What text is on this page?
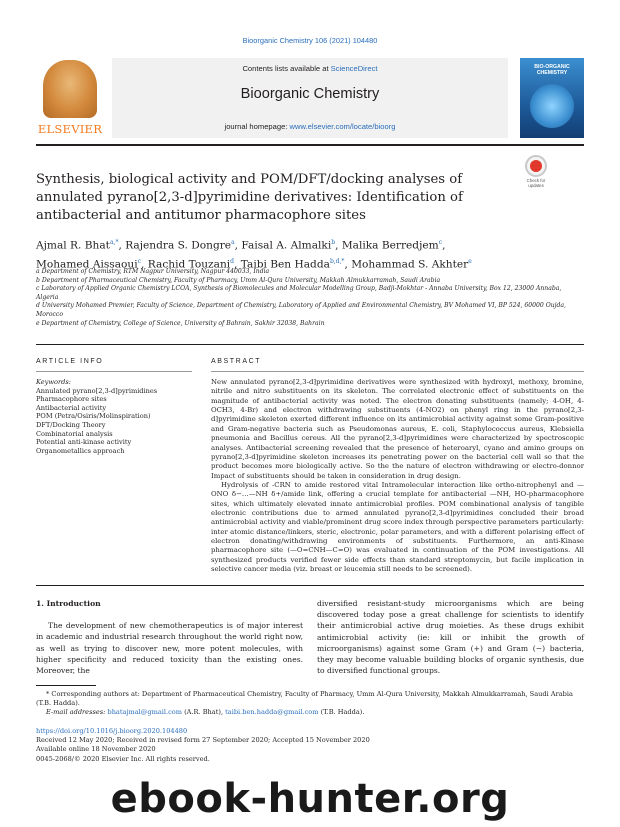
Bioorganic Chemistry 106 (2021) 104480
ELSEVIER
Contents lists available at ScienceDirect
Bioorganic Chemistry
journal homepage: www.elsevier.com/locate/bioorg
BIO-ORGANIC CHEMISTRY
Synthesis, biological activity and POM/DFT/docking analyses of annulated pyrano[2,3-d]pyrimidine derivatives: Identification of antibacterial and antitumor pharmacophore sites
Check for updates
Ajmal R. Bhat$^{a,*}$, Rajendra S. Dongre$^a$, Faisal A. Almalki$^b$, Malika Berredjem$^c$,
Mohamed Aissaoui$^c$, Rachid Touzani$^d$, Taibi Ben Hadda$^{b,d,*}$, Mohammad S. Akhter$^e$
a Department of Chemistry, RTM Nagpur University, Nagpur 440033, India
b Department of Pharmaceutical Chemistry, Faculty of Pharmacy, Umm Al-Qura University, Makkah Almukkarramah, Saudi Arabia
c Laboratory of Applied Organic Chemistry LCOA, Synthesis of Biomolecules and Molecular Modelling Group, Badji-Mokhtar - Annaba University, Box 12, 23000 Annaba, Algeria
d University Mohamed Premier, Faculty of Science, Department of Chemistry, Laboratory of Applied and Environmental Chemistry, BV Mohamed VI, BP 524, 60000 Oujda, Morocco
e Department of Chemistry, College of Science, University of Bahrain, Sakhir 32038, Bahrain
ARTICLE INFO	ABSTRACT
Keywords:
Annulated pyrano[2,3-d]pyrimidines
Pharmacophore sites
Antibacterial activity
POM (Petra/Osiris/Molinspiration)
DFT/Docking Theory
Combinatorial analysis
Potential anti-kinase activity
Organometallics approach

New annulated pyrano[2,3-d]pyrimidine derivatives were synthesized with hydroxyl, methoxy, bromine, nitrile and nitro substituents on its skeleton. The correlated electronic effect of substituents on the magnitude of antibacterial activity was noted. The electron donating substituents (namely; 4-OH, 4-OCH3, 4-Br) and electron withdrawing substituents (4-NO2) on phenyl ring in the pyrano[2,3-d]pyrimidine skeleton exerted different influence on its antimicrobial activity against some Gram-positive and Gram-negative bacteria such as Pseudomonas aureus, E. coli, Staphylococcus aureus, Klebsiella pneumonia and Bacillus cereus. All the pyrano[2,3-d]pyrimidines were characterized by spectroscopic analyses. Antibacterial screening revealed that the presence of heteroaryl, cyano and amino groups on pyrano[2,3-d]pyrimidine skeleton increases its penetrating power on the bacterial cell wall so that the product becomes more biologically active. So the the nature of electron withdrawing or electro-donnor Impact of substituents should be taken in consideration in drug design.

Hydrolysis of -CRN to amide restored vital Intramolecular interaction like ortho-nitrophenyl and —ONO δ−…—NH δ+/amide link, offering a crucial template for antibacterial —NH, HO-pharmacophore sites, which ultimately elevated innate antimicrobial profiles. POM combinational analysis of tangible electronic contributions due to armed annulated pyrano[2,3-d]pyrimidines concluded their broad antimicrobial activity and viable/prominent drug score index through perspective parameters particularly: inter atomic distance/linkers, steric, electronic, polar parameters, and with a different polarising effect of electron donating/withdrawing environments of substituents. Furthermore, an anti-Kinase pharmacophore site (—O=CNH—C=O) was evaluated in continuation of the POM investigations. All synthesized products verified fewer side effects than standard streptomycin, but facile implication in selective cancer media (viz. breast or leucemia still needs to be screened).

1. Introduction
The development of new chemotherapeutics is of major interest in academic and industrial research throughout the world right now, as well as trying to discover new, more potent molecules, with higher specificity and reduced toxicity than the existing ones. Moreover, the
diversified resistant-study microorganisms which are being discovered today pose a great challenge for scientists to identify their antimicrobial active drug moieties. As these drugs exhibit antimicrobial activity (ie: kill or inhibit the growth of microorganisms) against some Gram (+) and Gram (−) bacteria, they may become valuable building blocks of organic synthesis, due to diversified functional groups.
* Corresponding authors at: Department of Pharmaceutical Chemistry, Faculty of Pharmacy, Umm Al-Qura University, Makkah Almukkarramah, Saudi Arabia (T.B. Hadda).
E-mail addresses: bhatajmal@gmail.com (A.R. Bhat), taibi.ben.hadda@gmail.com (T.B. Hadda).
https://doi.org/10.1016/j.bioorg.2020.104480
Received 12 May 2020; Received in revised form 27 September 2020; Accepted 15 November 2020
Available online 18 November 2020
0045-2068/© 2020 Elsevier Inc. All rights reserved.
ebook-hunter.org
